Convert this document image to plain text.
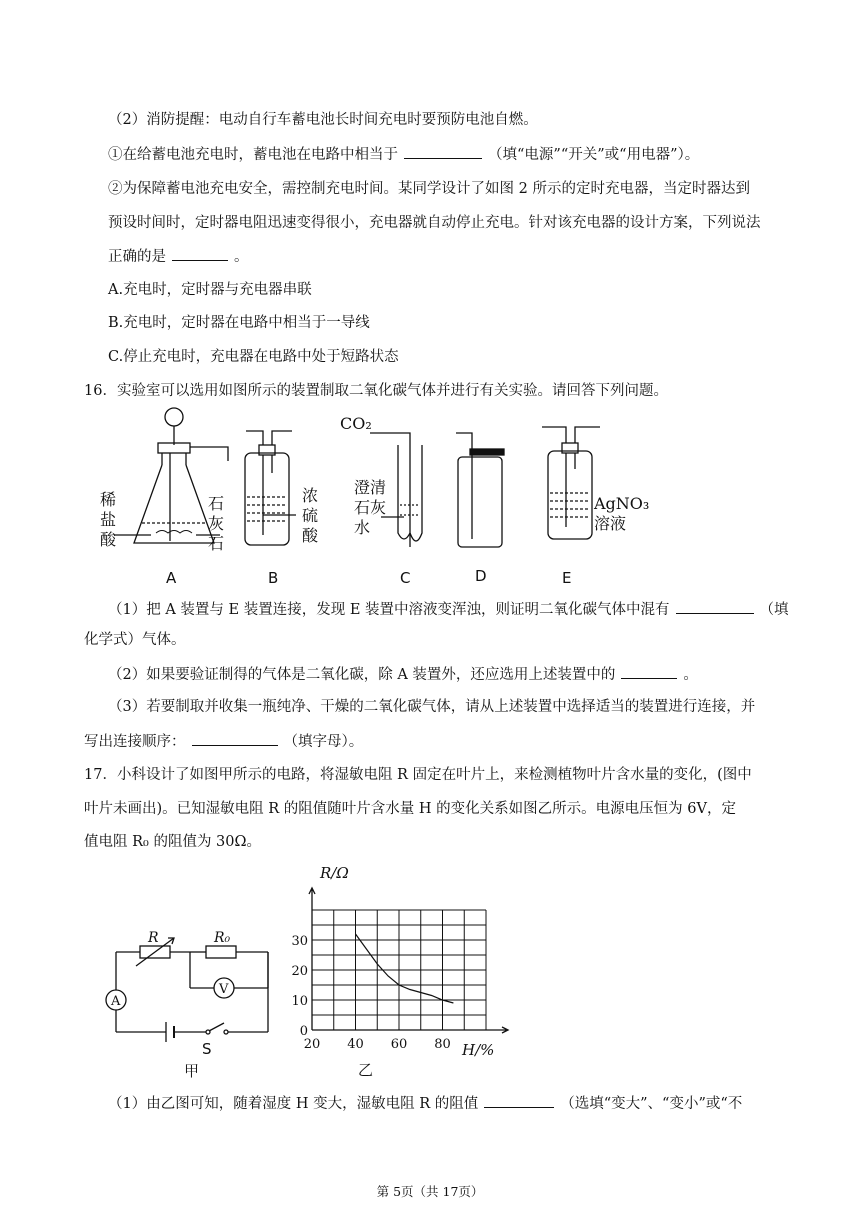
（2）消防提醒：电动自行车蓄电池长时间充电时要预防电池自燃。
①在给蓄电池充电时，蓄电池在电路中相当于	（填“电源”“开关”或“用电器”）。
②为保障蓄电池充电安全，需控制充电时间。某同学设计了如图 2 所示的定时充电器，当定时器达到
预设时间时，定时器电阻迅速变得很小，充电器就自动停止充电。针对该充电器的设计方案，下列说法
正确的是	。
A.充电时，定时器与充电器串联
B.充电时，定时器在电路中相当于一导线
C.停止充电时，充电器在电路中处于短路状态
16．实验室可以选用如图所示的装置制取二氧化碳气体并进行有关实验。请回答下列问题。
稀
盐
酸
石
灰
石
浓
硫
酸
CO₂
澄清
石灰
水
AgNO₃
溶液
A	B	C	D	E
（1）把 A 装置与 E 装置连接，发现 E 装置中溶液变浑浊，则证明二氧化碳气体中混有	（填
化学式）气体。
（2）如果要验证制得的气体是二氧化碳，除 A 装置外，还应选用上述装置中的	。
（3）若要制取并收集一瓶纯净、干燥的二氧化碳气体，请从上述装置中选择适当的装置进行连接，并
写出连接顺序：	（填字母）。
17．小科设计了如图甲所示的电路，将湿敏电阻 R 固定在叶片上，来检测植物叶片含水量的变化，(图中
叶片未画出)。已知湿敏电阻 R 的阻值随叶片含水量 H 的变化关系如图乙所示。电源电压恒为 6V，定
值电阻 R₀ 的阻值为 30Ω。
R	R₀
A
V
S
甲
0
10
20
30
20 40 60 80
R/Ω
H/%
乙
（1）由乙图可知，随着湿度 H 变大，湿敏电阻 R 的阻值	（选填“变大”、“变小”或“不
第 5页（共 17页）
